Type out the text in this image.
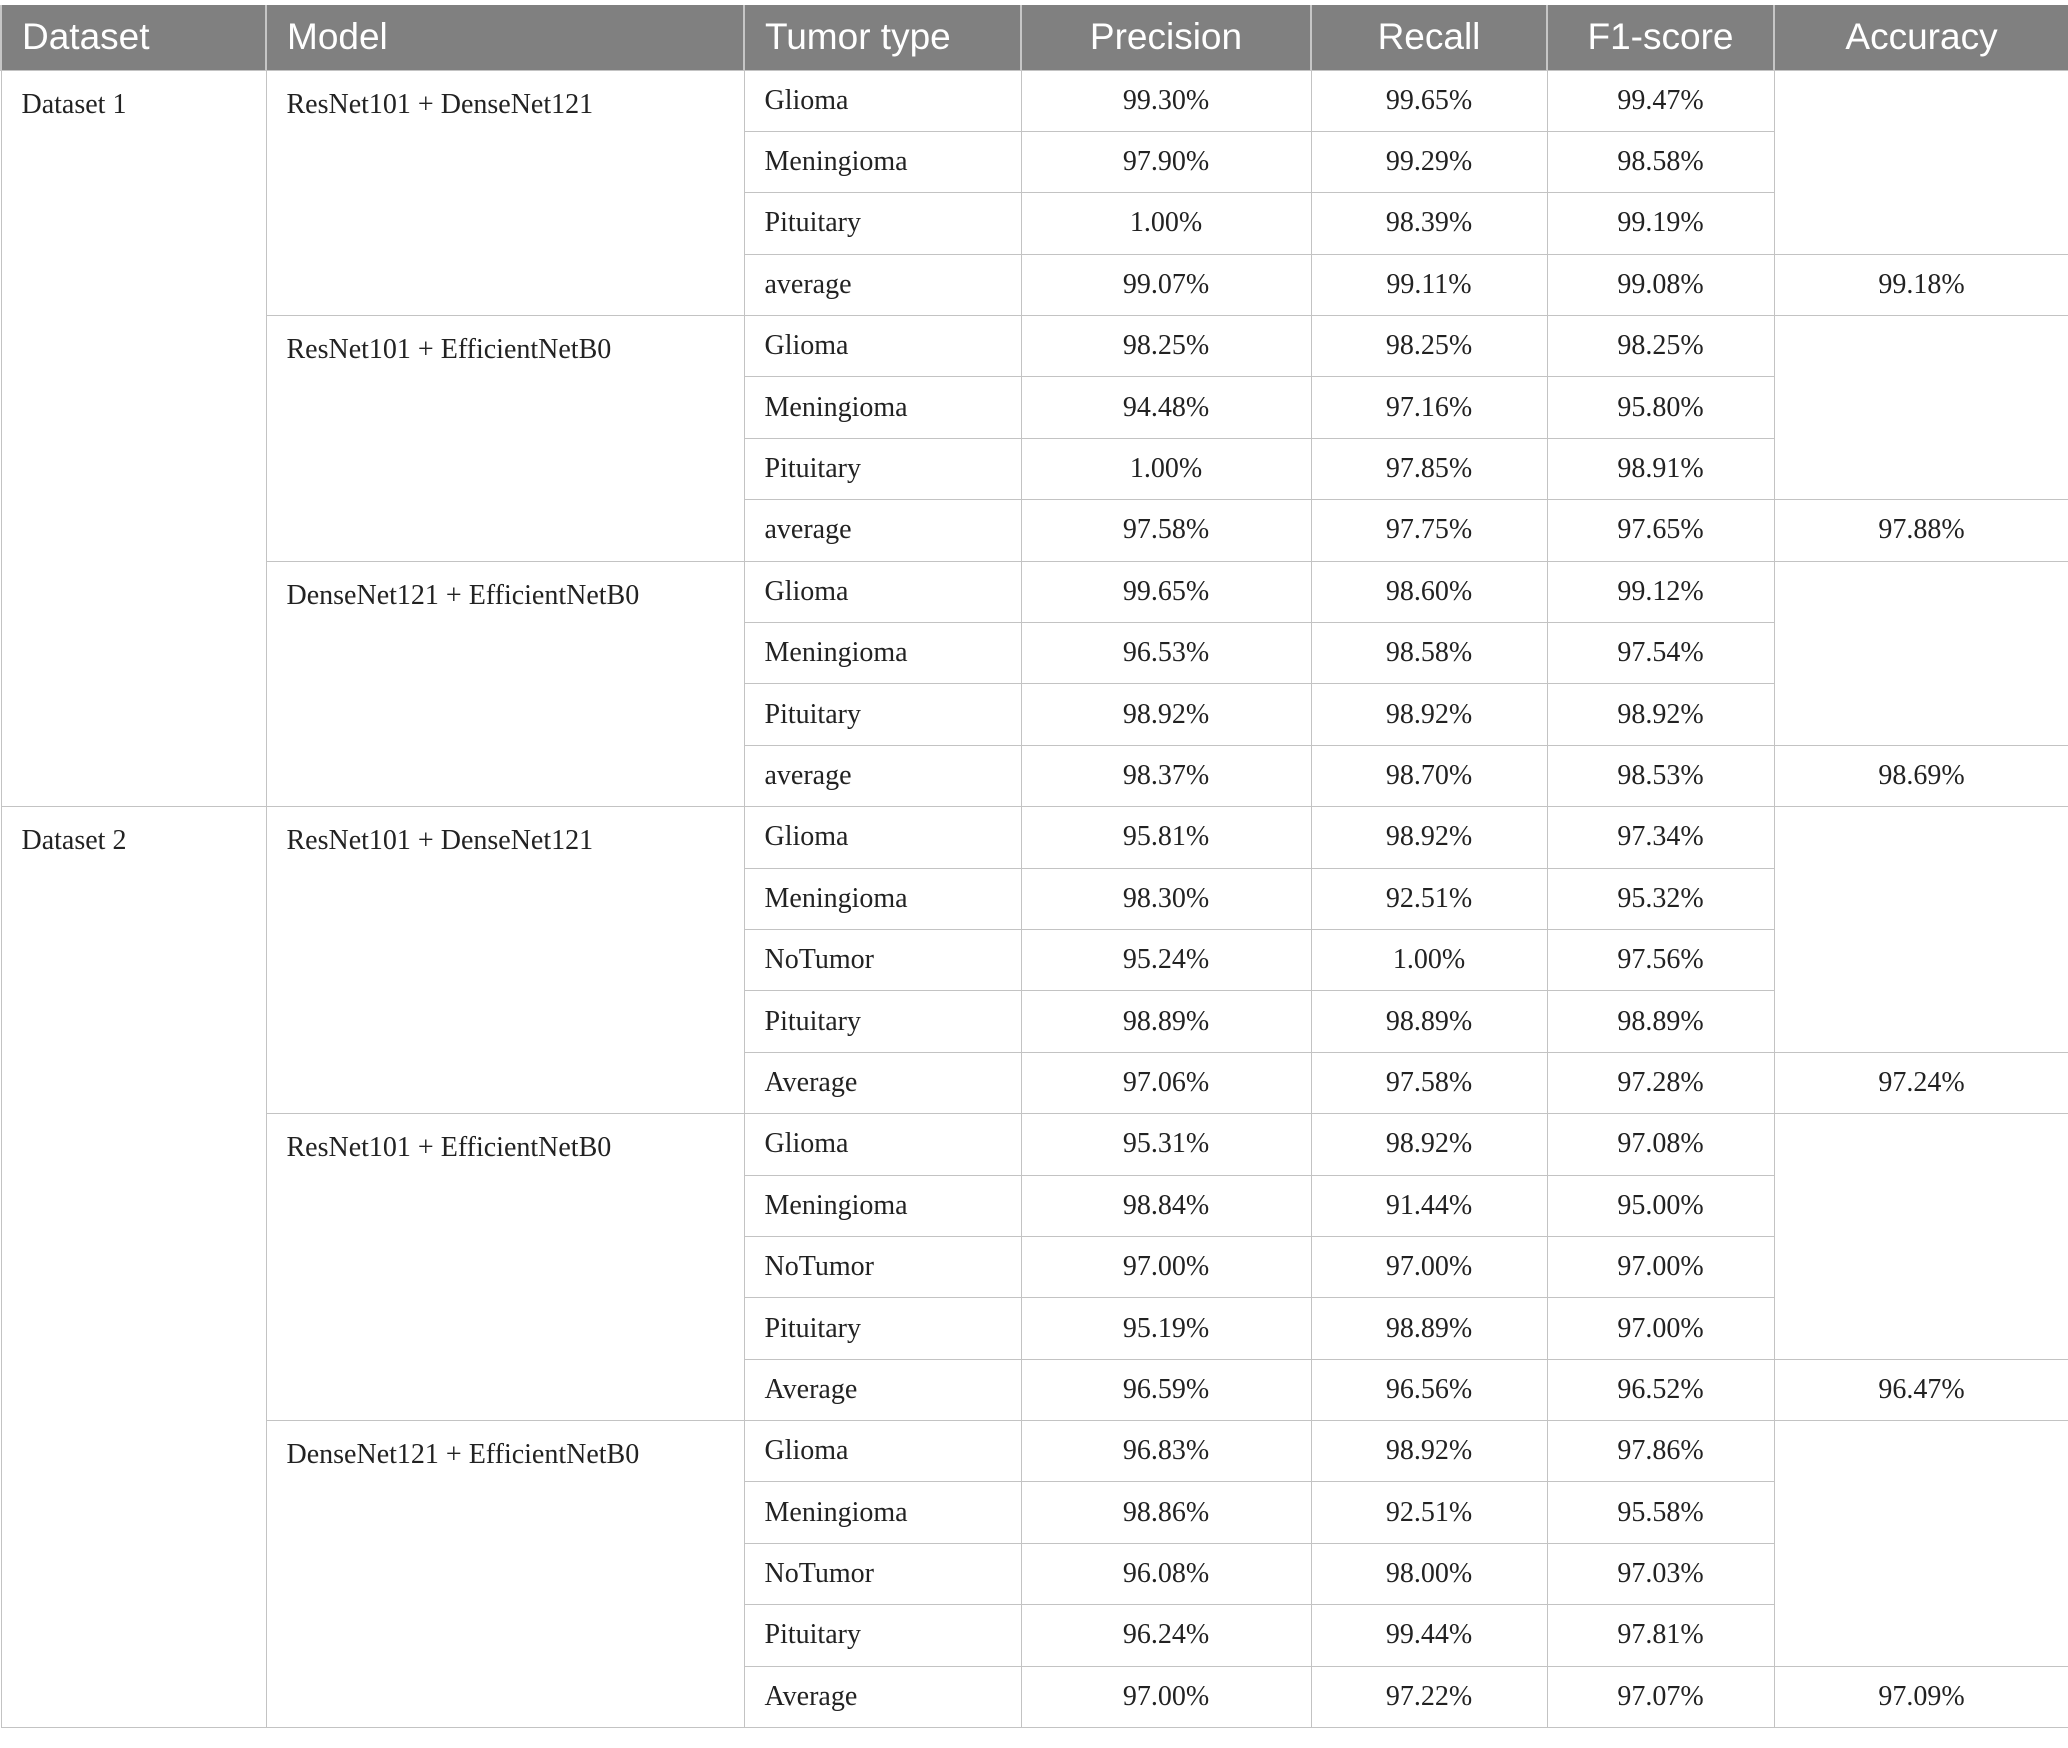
Dataset	Model	Tumor type	Precision	Recall	F1-score	Accuracy
Dataset 1	ResNet101 + DenseNet121	Glioma	99.30%	99.65%	99.47%	
		Meningioma	97.90%	99.29%	98.58%	
		Pituitary	1.00%	98.39%	99.19%	
		average	99.07%	99.11%	99.08%	99.18%
	ResNet101 + EfficientNetB0	Glioma	98.25%	98.25%	98.25%	
		Meningioma	94.48%	97.16%	95.80%	
		Pituitary	1.00%	97.85%	98.91%	
		average	97.58%	97.75%	97.65%	97.88%
	DenseNet121 + EfficientNetB0	Glioma	99.65%	98.60%	99.12%	
		Meningioma	96.53%	98.58%	97.54%	
		Pituitary	98.92%	98.92%	98.92%	
		average	98.37%	98.70%	98.53%	98.69%
Dataset 2	ResNet101 + DenseNet121	Glioma	95.81%	98.92%	97.34%	
		Meningioma	98.30%	92.51%	95.32%	
		NoTumor	95.24%	1.00%	97.56%	
		Pituitary	98.89%	98.89%	98.89%	
		Average	97.06%	97.58%	97.28%	97.24%
	ResNet101 + EfficientNetB0	Glioma	95.31%	98.92%	97.08%	
		Meningioma	98.84%	91.44%	95.00%	
		NoTumor	97.00%	97.00%	97.00%	
		Pituitary	95.19%	98.89%	97.00%	
		Average	96.59%	96.56%	96.52%	96.47%
	DenseNet121 + EfficientNetB0	Glioma	96.83%	98.92%	97.86%	
		Meningioma	98.86%	92.51%	95.58%	
		NoTumor	96.08%	98.00%	97.03%	
		Pituitary	96.24%	99.44%	97.81%	
		Average	97.00%	97.22%	97.07%	97.09%
